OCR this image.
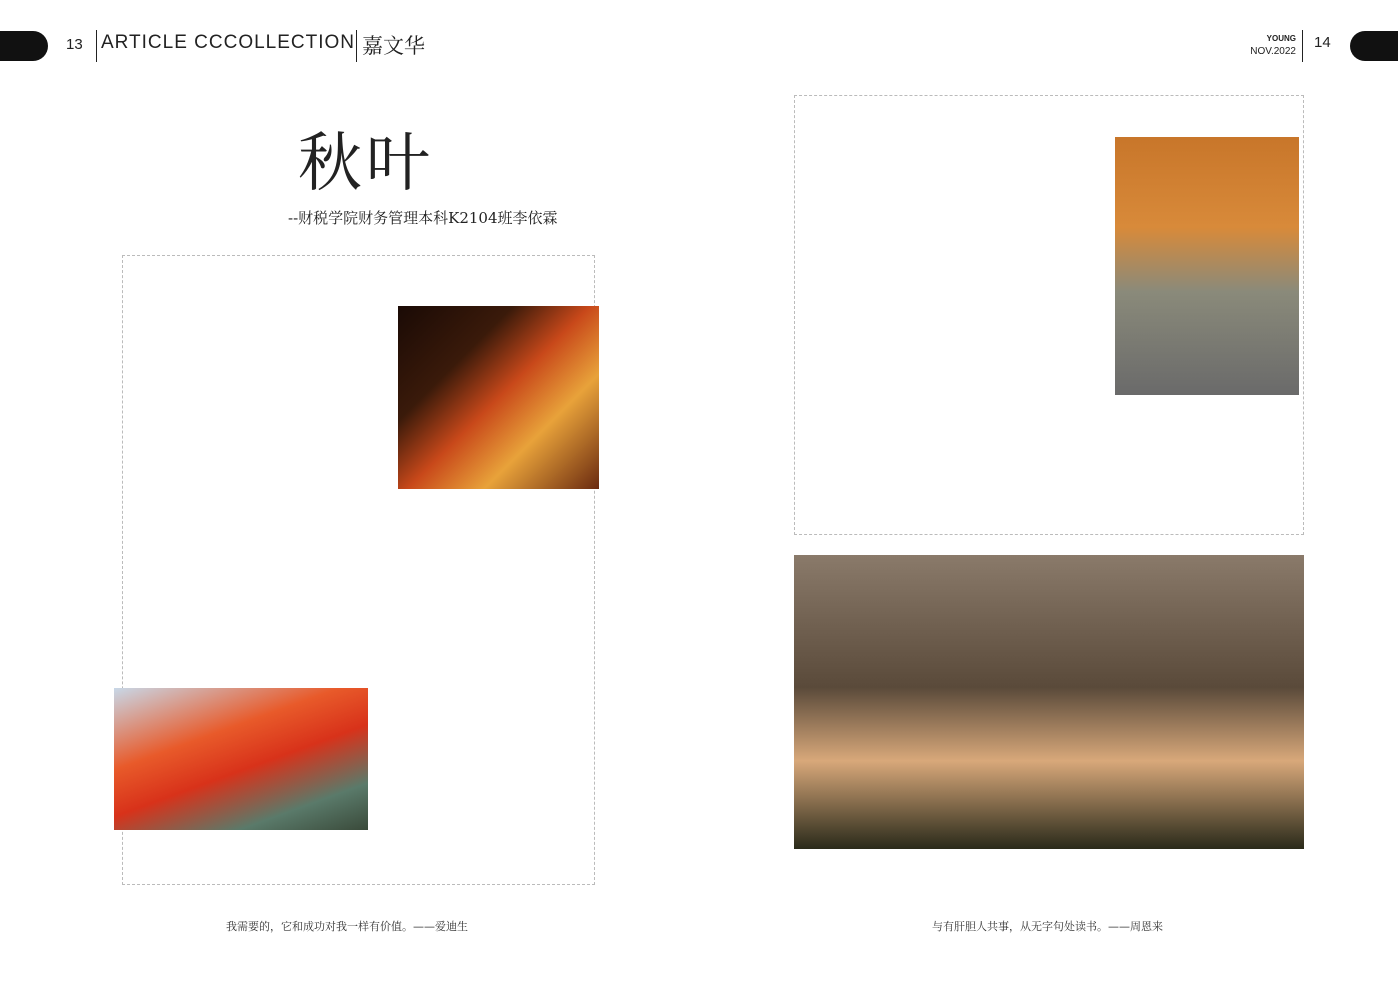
13 ARTICLE CCCOLLECTION 嘉文华	YOUNG
NOV.2022
14
秋叶
--财税学院财务管理本科K2104班李依霖
我需要的，它和成功对我一样有价值。——爱迪生	与有肝胆人共事，从无字句处读书。——周恩来
